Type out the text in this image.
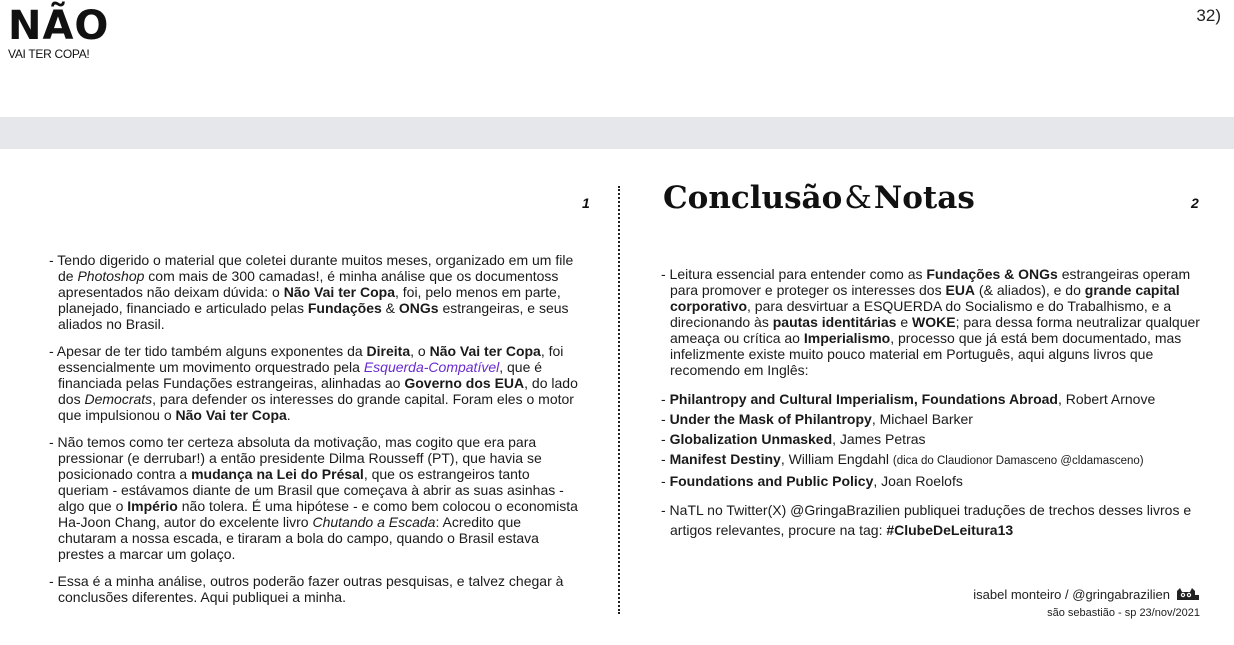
NÃO
VAI TER COPA!
32)
1

- Tendo digerido o material que coletei durante muitos meses, organizado em um file de Photoshop com mais de 300 camadas!, é minha análise que os documentoss apresentados não deixam dúvida: o Não Vai ter Copa, foi, pelo menos em parte, planejado, financiado e articulado pelas Fundações & ONGs estrangeiras, e seus aliados no Brasil.

- Apesar de ter tido também alguns exponentes da Direita, o Não Vai ter Copa, foi essencialmente um movimento orquestrado pela Esquerda-Compatível, que é financiada pelas Fundações estrangeiras, alinhadas ao Governo dos EUA, do lado dos Democrats, para defender os interesses do grande capital. Foram eles o motor que impulsionou o Não Vai ter Copa.

- Não temos como ter certeza absoluta da motivação, mas cogito que era para pressionar (e derrubar!) a então presidente Dilma Rousseff (PT), que havia se posicionado contra a mudança na Lei do Présal, que os estrangeiros tanto queriam - estávamos diante de um Brasil que começava à abrir as suas asinhas - algo que o Império não tolera. É uma hipótese - e como bem colocou o economista Ha-Joon Chang, autor do excelente livro Chutando a Escada: Acredito que chutaram a nossa escada, e tiraram a bola do campo, quando o Brasil estava prestes a marcar um golaço.

- Essa é a minha análise, outros poderão fazer outras pesquisas, e talvez chegar à conclusões diferentes. Aqui publiquei a minha.

Conclusão&Notas	2

- Leitura essencial para entender como as Fundações & ONGs estrangeiras operam para promover e proteger os interesses dos EUA (& aliados), e do grande capital corporativo, para desvirtuar a ESQUERDA do Socialismo e do Trabalhismo, e a direcionando às pautas identitárias e WOKE; para dessa forma neutralizar qualquer ameaça ou crítica ao Imperialismo, processo que já está bem documentado, mas infelizmente existe muito pouco material em Português, aqui alguns livros que recomendo em Inglês:

- Philantropy and Cultural Imperialism, Foundations Abroad, Robert Arnove
- Under the Mask of Philantropy, Michael Barker
- Globalization Unmasked, James Petras
- Manifest Destiny, William Engdahl (dica do Claudionor Damasceno @cldamasceno)
- Foundations and Public Policy, Joan Roelofs

- NaTL no Twitter(X) @GringaBrazilien publiquei traduções de trechos desses livros e artigos relevantes, procure na tag: #ClubeDeLeitura13

isabel monteiro / @gringabrazilien
são sebastião - sp 23/nov/2021
